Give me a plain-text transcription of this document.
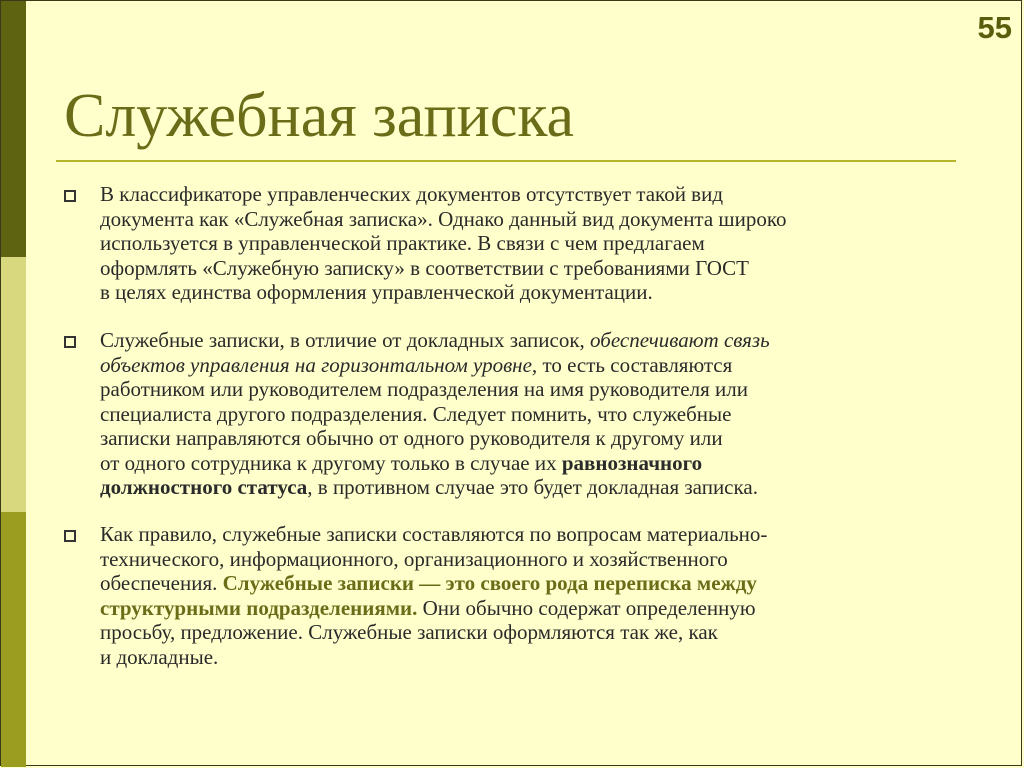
55
Служебная записка
В классификаторе управленческих документов отсутствует такой вид
документа как «Служебная записка». Однако данный вид документа широко
используется в управленческой практике. В связи с чем предлагаем
оформлять «Служебную записку» в соответствии с требованиями ГОСТ
в целях единства оформления управленческой документации.
Служебные записки, в отличие от докладных записок, обеспечивают связь
объектов управления на горизонтальном уровне, то есть составляются
работником или руководителем подразделения на имя руководителя или
специалиста другого подразделения. Следует помнить, что служебные
записки направляются обычно от одного руководителя к другому или
от одного сотрудника к другому только в случае их равнозначного
должностного статуса, в противном случае это будет докладная записка.
Как правило, служебные записки составляются по вопросам материально-
технического, информационного, организационного и хозяйственного
обеспечения. Служебные записки — это своего рода переписка между
структурными подразделениями. Они обычно содержат определенную
просьбу, предложение. Служебные записки оформляются так же, как
и докладные.
